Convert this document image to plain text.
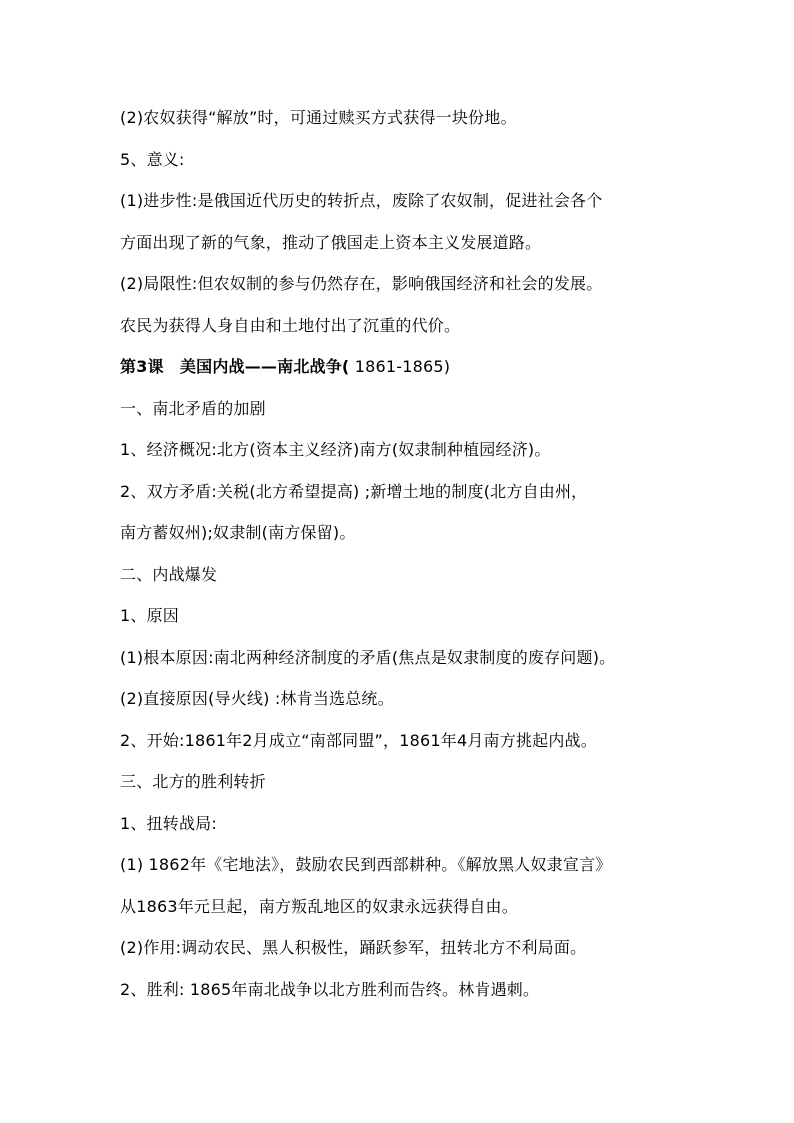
(2)农奴获得“解放”时，可通过赎买方式获得一块份地。
5、意义:
(1)进步性:是俄国近代历史的转折点，废除了农奴制，促进社会各个
方面出现了新的气象，推动了俄国走上资本主义发展道路。
(2)局限性:但农奴制的参与仍然存在，影响俄国经济和社会的发展。
农民为获得人身自由和土地付出了沉重的代价。
第3课　美国内战——南北战争( 1861-1865)
一、南北矛盾的加剧
1、经济概况:北方(资本主义经济)南方(奴隶制种植园经济)。
2、双方矛盾:关税(北方希望提高) ;新增土地的制度(北方自由州，
南方蓄奴州);奴隶制(南方保留)。
二、内战爆发
1、原因
(1)根本原因:南北两种经济制度的矛盾(焦点是奴隶制度的废存问题)。
(2)直接原因(导火线) :林肯当选总统。
2、开始:1861年2月成立“南部同盟”，1861年4月南方挑起内战。
三、北方的胜利转折
1、扭转战局:
(1) 1862年《宅地法》，鼓励农民到西部耕种。《解放黑人奴隶宣言》
从1863年元旦起，南方叛乱地区的奴隶永远获得自由。
(2)作用:调动农民、黑人积极性，踊跃参军，扭转北方不利局面。
2、胜利: 1865年南北战争以北方胜利而告终。林肯遇刺。
